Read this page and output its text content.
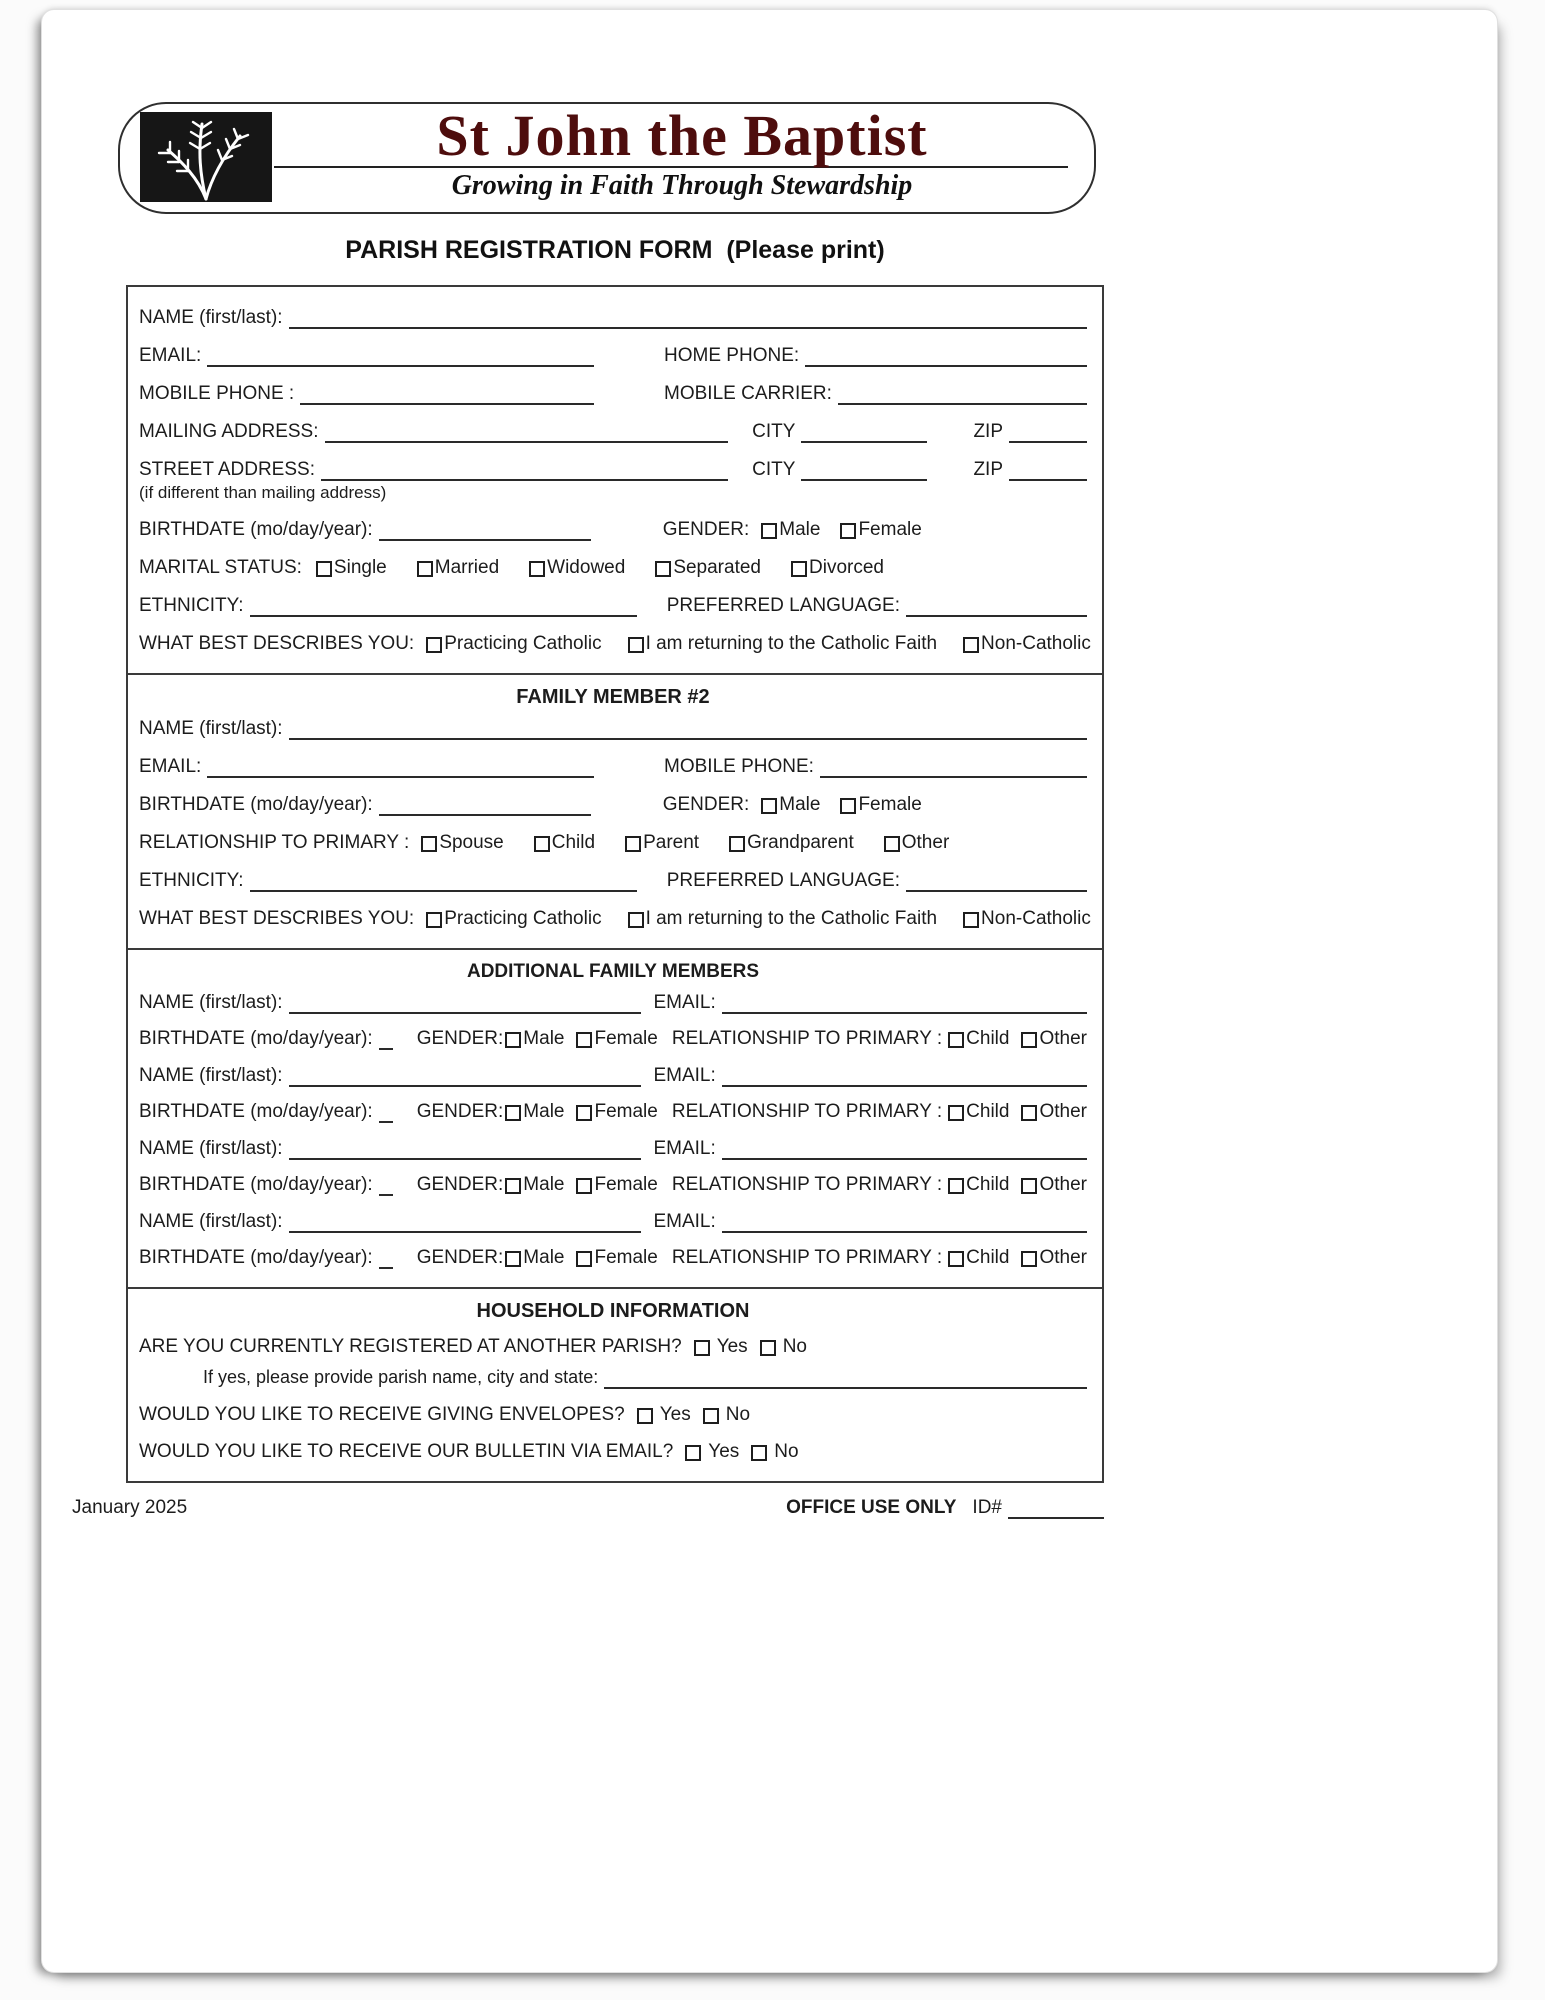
St John the Baptist
Growing in Faith Through Stewardship
PARISH REGISTRATION FORM  (Please print)
NAME (first/last):
EMAIL:	HOME PHONE:
MOBILE PHONE :	MOBILE CARRIER:
MAILING ADDRESS:	CITY	ZIP
STREET ADDRESS:	CITY	ZIP
(if different than mailing address)
BIRTHDATE (mo/day/year):	GENDER: Male Female
MARITAL STATUS: Single	Married	Widowed	Separated	Divorced
ETHNICITY:	PREFERRED LANGUAGE:
WHAT BEST DESCRIBES YOU: Practicing Catholic I am returning to the Catholic Faith Non-Catholic
FAMILY MEMBER #2
NAME (first/last):
EMAIL:	MOBILE PHONE:
BIRTHDATE (mo/day/year):	GENDER: Male Female
RELATIONSHIP TO PRIMARY : Spouse	Child	Parent	Grandparent	Other
ETHNICITY:	PREFERRED LANGUAGE:
WHAT BEST DESCRIBES YOU: Practicing Catholic I am returning to the Catholic Faith Non-Catholic
ADDITIONAL FAMILY MEMBERS
NAME (first/last):	EMAIL:
BIRTHDATE (mo/day/year): GENDER: Male Female RELATIONSHIP TO PRIMARY : Child Other
NAME (first/last):	EMAIL:
BIRTHDATE (mo/day/year): GENDER: Male Female RELATIONSHIP TO PRIMARY : Child Other
NAME (first/last):	EMAIL:
BIRTHDATE (mo/day/year): GENDER: Male Female RELATIONSHIP TO PRIMARY : Child Other
NAME (first/last):	EMAIL:
BIRTHDATE (mo/day/year): GENDER: Male Female RELATIONSHIP TO PRIMARY : Child Other
HOUSEHOLD INFORMATION
ARE YOU CURRENTLY REGISTERED AT ANOTHER PARISH? Yes No
If yes, please provide parish name, city and state:
WOULD YOU LIKE TO RECEIVE GIVING ENVELOPES? Yes No
WOULD YOU LIKE TO RECEIVE OUR BULLETIN VIA EMAIL? Yes No
January 2025	OFFICE USE ONLY ID#
